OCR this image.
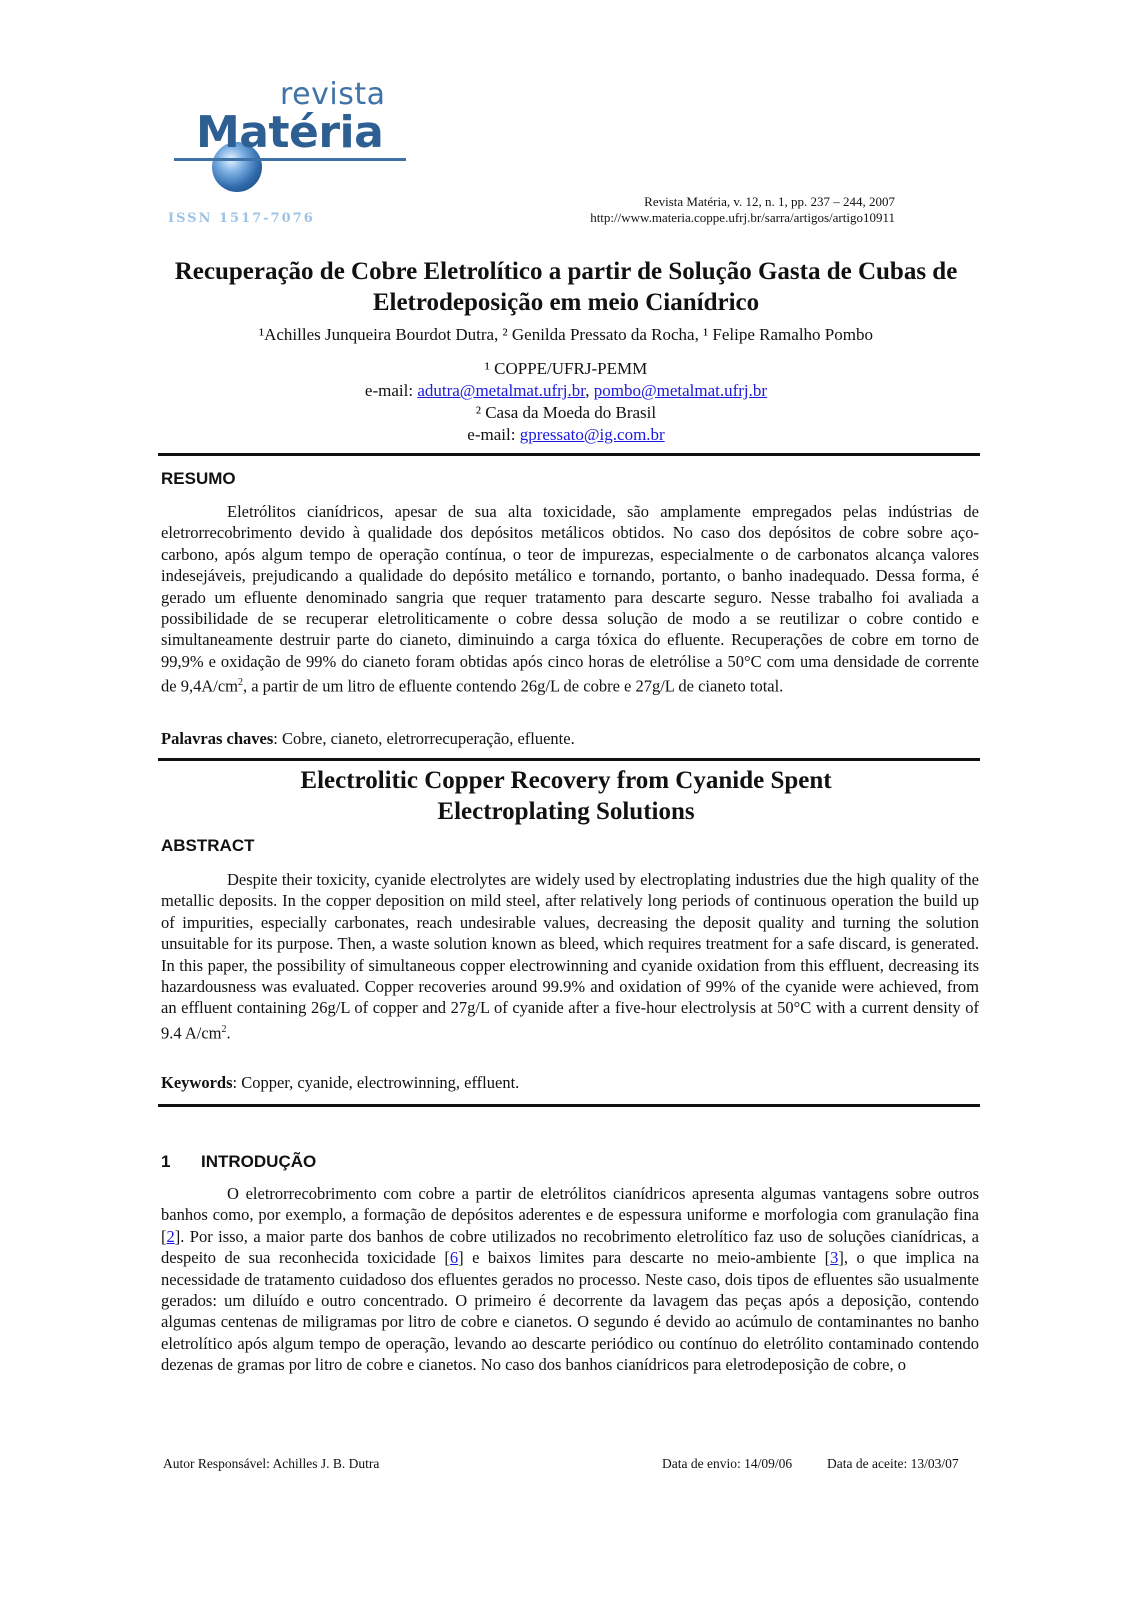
revista
Matéria
ISSN 1517-7076
Revista Matéria, v. 12, n. 1, pp. 237 – 244, 2007
http://www.materia.coppe.ufrj.br/sarra/artigos/artigo10911
Recuperação de Cobre Eletrolítico a partir de Solução Gasta de Cubas de
Eletrodeposição em meio Cianídrico
¹Achilles Junqueira Bourdot Dutra, ² Genilda Pressato da Rocha, ¹ Felipe Ramalho Pombo
¹ COPPE/UFRJ-PEMM
e-mail: adutra@metalmat.ufrj.br, pombo@metalmat.ufrj.br
² Casa da Moeda do Brasil
e-mail: gpressato@ig.com.br
RESUMO

Eletrólitos cianídricos, apesar de sua alta toxicidade, são amplamente empregados pelas indústrias de eletrorrecobrimento devido à qualidade dos depósitos metálicos obtidos. No caso dos depósitos de cobre sobre aço-carbono, após algum tempo de operação contínua, o teor de impurezas, especialmente o de carbonatos alcança valores indesejáveis, prejudicando a qualidade do depósito metálico e tornando, portanto, o banho inadequado. Dessa forma, é gerado um efluente denominado sangria que requer tratamento para descarte seguro. Nesse trabalho foi avaliada a possibilidade de se recuperar eletroliticamente o cobre dessa solução de modo a se reutilizar o cobre contido e simultaneamente destruir parte do cianeto, diminuindo a carga tóxica do efluente. Recuperações de cobre em torno de 99,9% e oxidação de 99% do cianeto foram obtidas após cinco horas de eletrólise a 50°C com uma densidade de corrente de $9,4A/cm^2$, a partir de um litro de efluente contendo 26g/L de cobre e 27g/L de cianeto total.

Palavras chaves: Cobre, cianeto, eletrorrecuperação, efluente.
Electrolitic Copper Recovery from Cyanide Spent
Electroplating Solutions
ABSTRACT

Despite their toxicity, cyanide electrolytes are widely used by electroplating industries due the high quality of the metallic deposits. In the copper deposition on mild steel, after relatively long periods of continuous operation the build up of impurities, especially carbonates, reach undesirable values, decreasing the deposit quality and turning the solution unsuitable for its purpose. Then, a waste solution known as bleed, which requires treatment for a safe discard, is generated. In this paper, the possibility of simultaneous copper electrowinning and cyanide oxidation from this effluent, decreasing its hazardousness was evaluated. Copper recoveries around 99.9% and oxidation of 99% of the cyanide were achieved, from an effluent containing 26g/L of copper and 27g/L of cyanide after a five-hour electrolysis at 50°C with a current density of 9.4 $A/cm^2$.

Keywords: Copper, cyanide, electrowinning, effluent.
1 INTRODUÇÃO

O eletrorrecobrimento com cobre a partir de eletrólitos cianídricos apresenta algumas vantagens sobre outros banhos como, por exemplo, a formação de depósitos aderentes e de espessura uniforme e morfologia com granulação fina [2]. Por isso, a maior parte dos banhos de cobre utilizados no recobrimento eletrolítico faz uso de soluções cianídricas, a despeito de sua reconhecida toxicidade [6] e baixos limites para descarte no meio-ambiente [3], o que implica na necessidade de tratamento cuidadoso dos efluentes gerados no processo. Neste caso, dois tipos de efluentes são usualmente gerados: um diluído e outro concentrado. O primeiro é decorrente da lavagem das peças após a deposição, contendo algumas centenas de miligramas por litro de cobre e cianetos. O segundo é devido ao acúmulo de contaminantes no banho eletrolítico após algum tempo de operação, levando ao descarte periódico ou contínuo do eletrólito contaminado contendo dezenas de gramas por litro de cobre e cianetos. No caso dos banhos cianídricos para eletrodeposição de cobre, o

Autor Responsável: Achilles J. B. Dutra	Data de envio: 14/09/06	Data de aceite: 13/03/07
